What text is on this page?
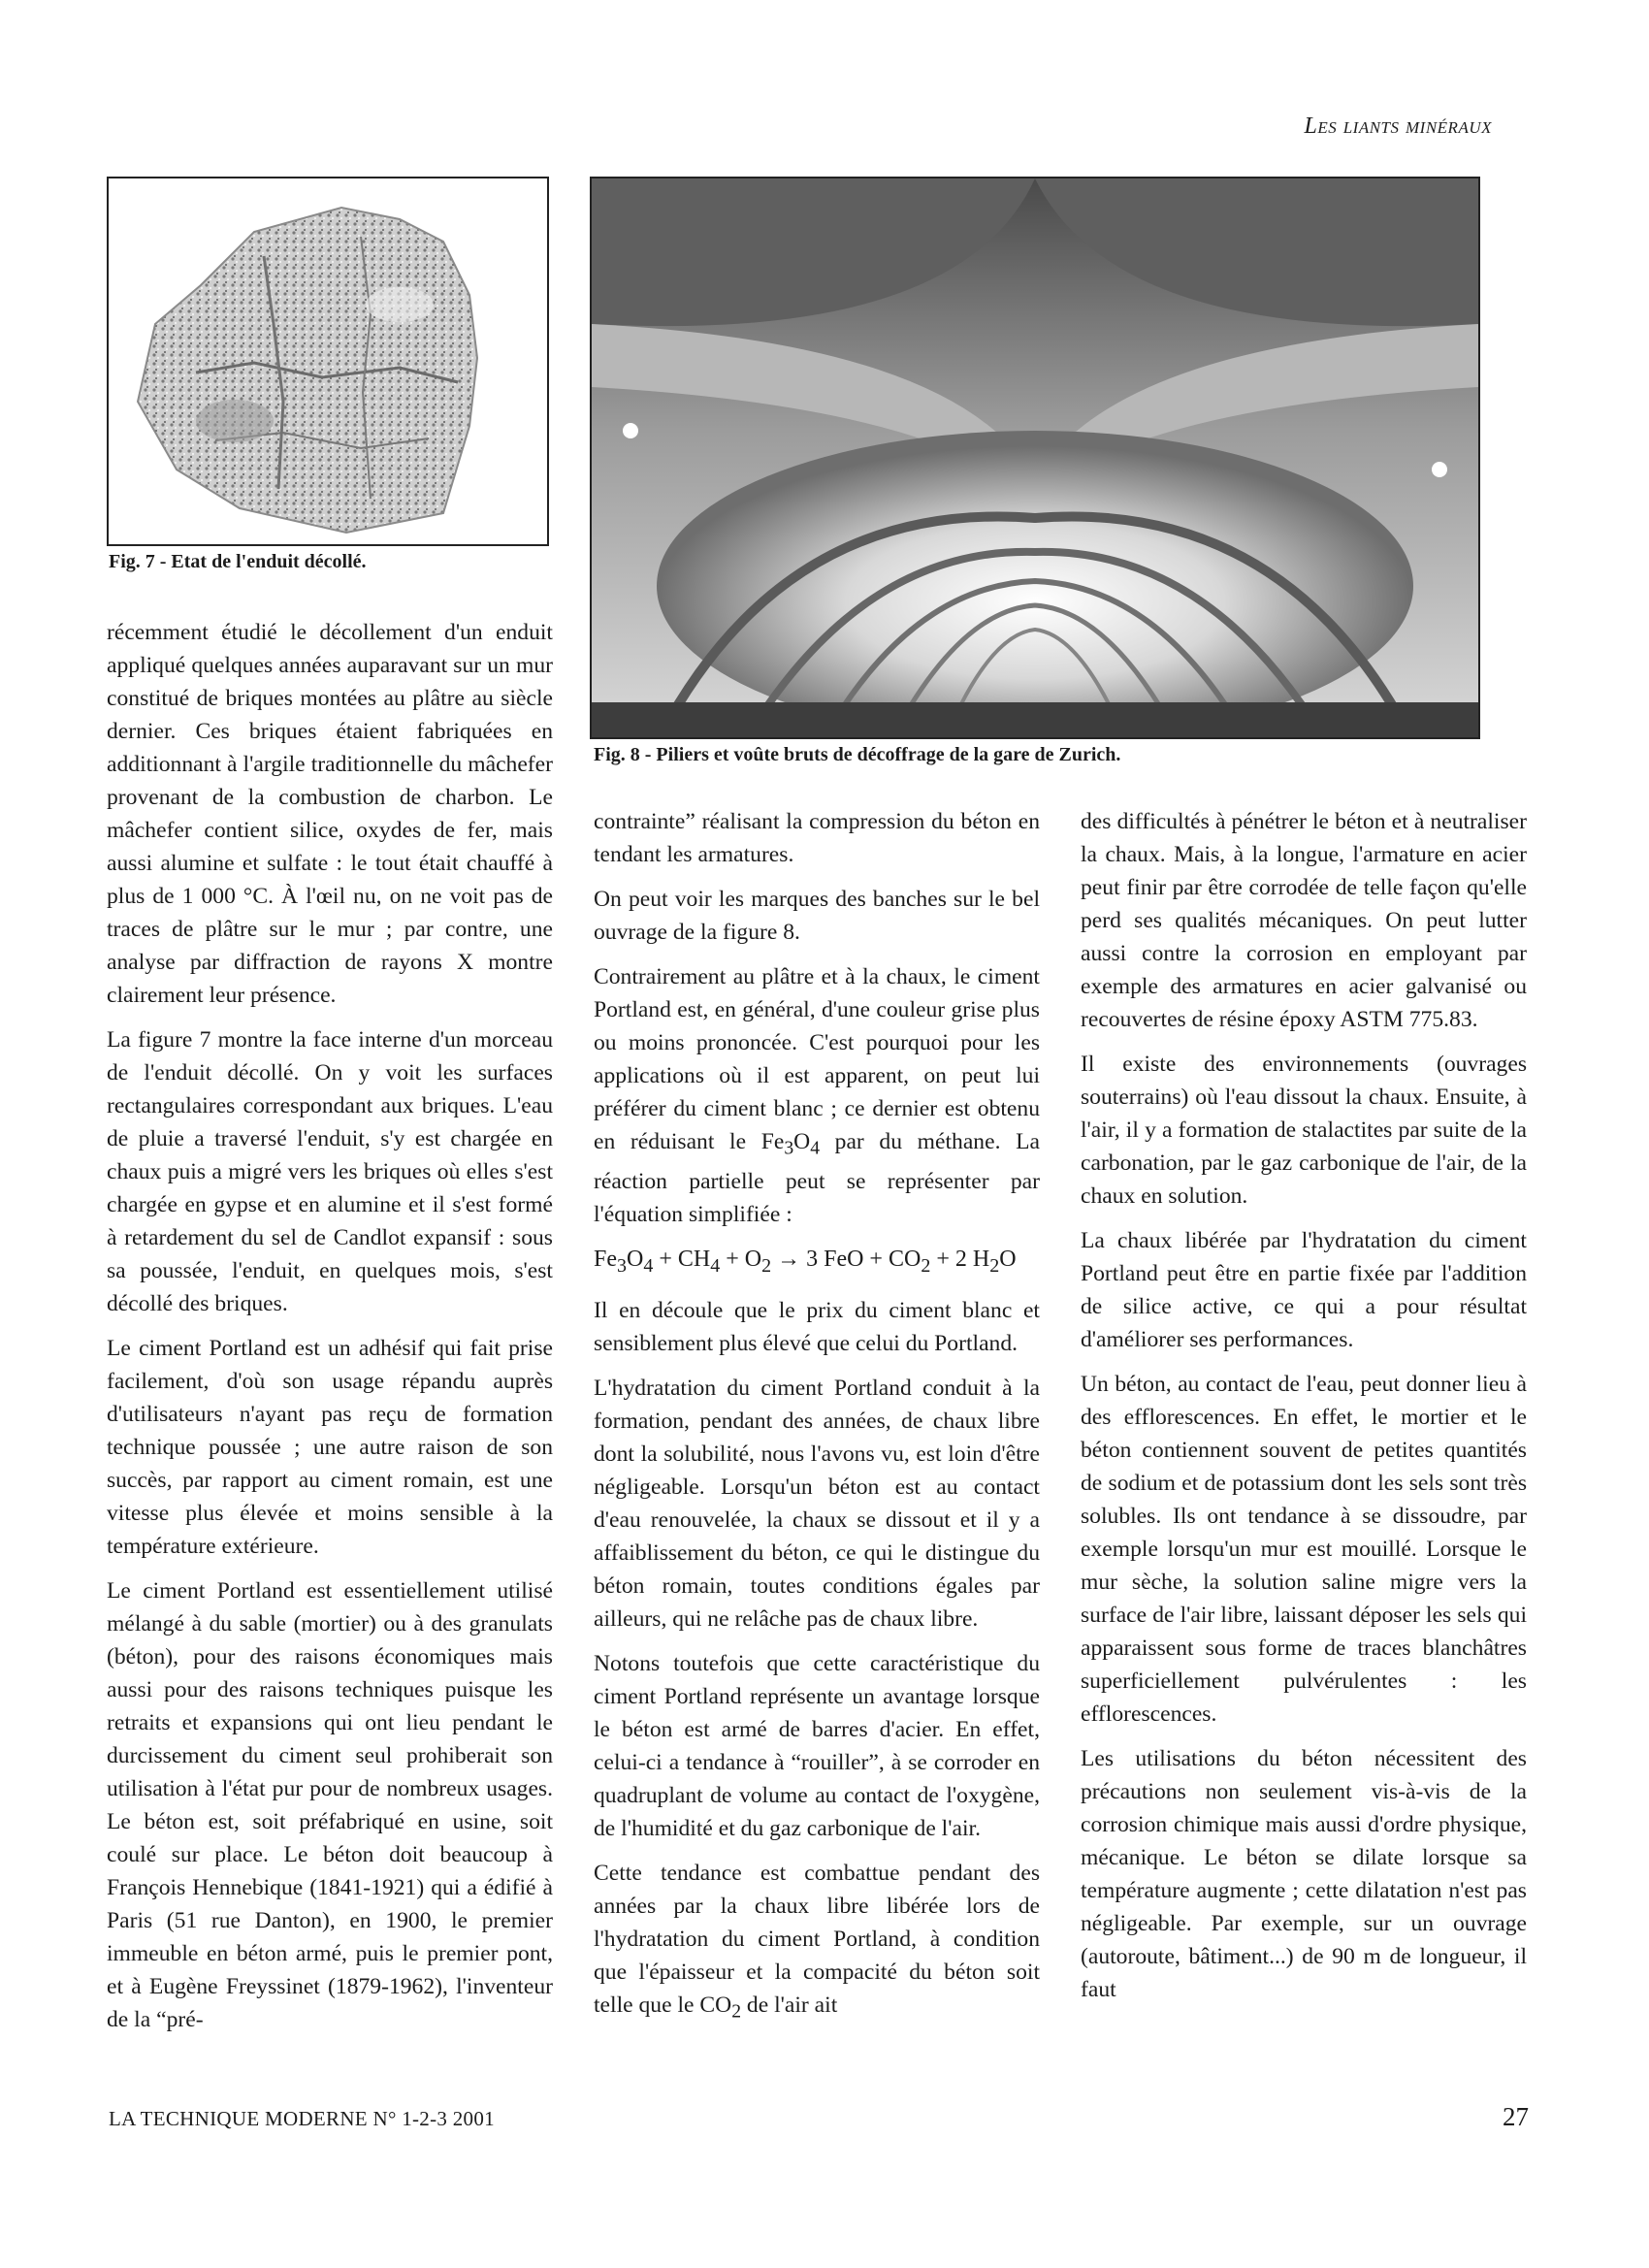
Les liants minéraux
Fig. 7 - Etat de l'enduit décollé.
Fig. 8 - Piliers et voûte bruts de décoffrage de la gare de Zurich.

récemment étudié le décollement d'un enduit appliqué quelques années auparavant sur un mur constitué de briques montées au plâtre au siècle dernier. Ces briques étaient fabriquées en additionnant à l'argile traditionnelle du mâchefer provenant de la combustion de charbon. Le mâchefer contient silice, oxydes de fer, mais aussi alumine et sulfate : le tout était chauffé à plus de 1 000 °C. À l'œil nu, on ne voit pas de traces de plâtre sur le mur ; par contre, une analyse par diffraction de rayons X montre clairement leur présence.

La figure 7 montre la face interne d'un morceau de l'enduit décollé. On y voit les surfaces rectangulaires correspondant aux briques. L'eau de pluie a traversé l'enduit, s'y est chargée en chaux puis a migré vers les briques où elles s'est chargée en gypse et en alumine et il s'est formé à retardement du sel de Candlot expansif : sous sa poussée, l'enduit, en quelques mois, s'est décollé des briques.

Le ciment Portland est un adhésif qui fait prise facilement, d'où son usage répandu auprès d'utilisateurs n'ayant pas reçu de formation technique poussée ; une autre raison de son succès, par rapport au ciment romain, est une vitesse plus élevée et moins sensible à la température extérieure.

Le ciment Portland est essentiellement utilisé mélangé à du sable (mortier) ou à des granulats (béton), pour des raisons économiques mais aussi pour des raisons techniques puisque les retraits et expansions qui ont lieu pendant le durcissement du ciment seul prohiberait son utilisation à l'état pur pour de nombreux usages. Le béton est, soit préfabriqué en usine, soit coulé sur place. Le béton doit beaucoup à François Hennebique (1841-1921) qui a édifié à Paris (51 rue Danton), en 1900, le premier immeuble en béton armé, puis le premier pont, et à Eugène Freyssinet (1879-1962), l'inventeur de la “pré-

contrainte” réalisant la compression du béton en tendant les armatures.

On peut voir les marques des banches sur le bel ouvrage de la figure 8.

Contrairement au plâtre et à la chaux, le ciment Portland est, en général, d'une couleur grise plus ou moins prononcée. C'est pourquoi pour les applications où il est apparent, on peut lui préférer du ciment blanc ; ce dernier est obtenu en réduisant le $Fe_3O_4$ par du méthane. La réaction partielle peut se représenter par l'équation simplifiée :

$Fe_3O_4 + CH_4 + O_2 \to 3$ FeO + $CO_2 + 2$ $H_2O$

Il en découle que le prix du ciment blanc et sensiblement plus élevé que celui du Portland.

L'hydratation du ciment Portland conduit à la formation, pendant des années, de chaux libre dont la solubilité, nous l'avons vu, est loin d'être négligeable. Lorsqu'un béton est au contact d'eau renouvelée, la chaux se dissout et il y a affaiblissement du béton, ce qui le distingue du béton romain, toutes conditions égales par ailleurs, qui ne relâche pas de chaux libre.

Notons toutefois que cette caractéristique du ciment Portland représente un avantage lorsque le béton est armé de barres d'acier. En effet, celui-ci a tendance à “rouiller”, à se corroder en quadruplant de volume au contact de l'oxygène, de l'humidité et du gaz carbonique de l'air.

Cette tendance est combattue pendant des années par la chaux libre libérée lors de l'hydratation du ciment Portland, à condition que l'épaisseur et la compacité du béton soit telle que le $CO_2$ de l'air ait

des difficultés à pénétrer le béton et à neutraliser la chaux. Mais, à la longue, l'armature en acier peut finir par être corrodée de telle façon qu'elle perd ses qualités mécaniques. On peut lutter aussi contre la corrosion en employant par exemple des armatures en acier galvanisé ou recouvertes de résine époxy ASTM 775.83.

Il existe des environnements (ouvrages souterrains) où l'eau dissout la chaux. Ensuite, à l'air, il y a formation de stalactites par suite de la carbonation, par le gaz carbonique de l'air, de la chaux en solution.

La chaux libérée par l'hydratation du ciment Portland peut être en partie fixée par l'addition de silice active, ce qui a pour résultat d'améliorer ses performances.

Un béton, au contact de l'eau, peut donner lieu à des efflorescences. En effet, le mortier et le béton contiennent souvent de petites quantités de sodium et de potassium dont les sels sont très solubles. Ils ont tendance à se dissoudre, par exemple lorsqu'un mur est mouillé. Lorsque le mur sèche, la solution saline migre vers la surface de l'air libre, laissant déposer les sels qui apparaissent sous forme de traces blanchâtres superficiellement pulvérulentes : les efflorescences.

Les utilisations du béton nécessitent des précautions non seulement vis-à-vis de la corrosion chimique mais aussi d'ordre physique, mécanique. Le béton se dilate lorsque sa température augmente ; cette dilatation n'est pas négligeable. Par exemple, sur un ouvrage (autoroute, bâtiment...) de 90 m de longueur, il faut

LA TECHNIQUE MODERNE N° 1-2-3 2001	27
